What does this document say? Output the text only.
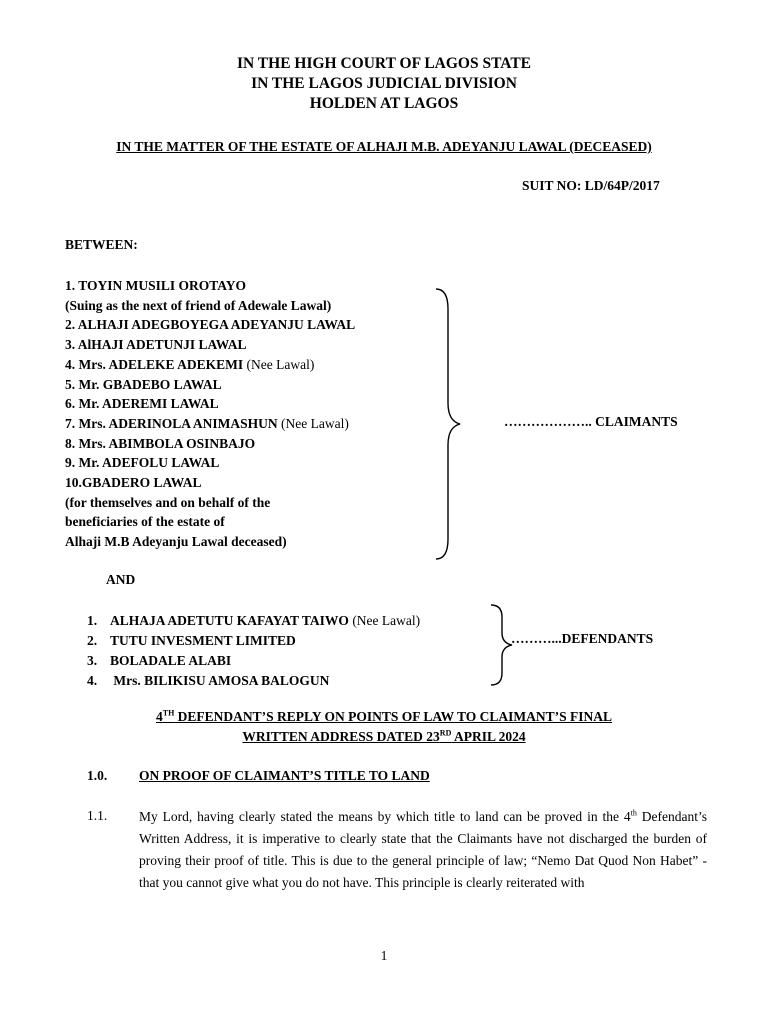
IN THE HIGH COURT OF LAGOS STATE
IN THE LAGOS JUDICIAL DIVISION
HOLDEN AT LAGOS
IN THE MATTER OF THE ESTATE OF ALHAJI M.B. ADEYANJU LAWAL (DECEASED)
SUIT NO: LD/64P/2017
BETWEEN:
1. TOYIN MUSILI OROTAYO
(Suing as the next of friend of Adewale Lawal)
2. ALHAJI ADEGBOYEGA ADEYANJU LAWAL
3. AlHAJI ADETUNJI LAWAL
4. Mrs. ADELEKE ADEKEMI (Nee Lawal)
5. Mr. GBADEBO LAWAL
6. Mr. ADEREMI LAWAL
7. Mrs. ADERINOLA ANIMASHUN (Nee Lawal)
8. Mrs. ABIMBOLA OSINBAJO
9. Mr. ADEFOLU LAWAL
10.GBADERO LAWAL
(for themselves and on behalf of the
beneficiaries of the estate of
Alhaji M.B Adeyanju Lawal deceased)
……………….. CLAIMANTS
AND
1. ALHAJA ADETUTU KAFAYAT TAIWO (Nee Lawal)
2. TUTU INVESMENT LIMITED
3. BOLADALE ALABI
4. Mrs. BILIKISU AMOSA BALOGUN
………...DEFENDANTS
4TH DEFENDANT’S REPLY ON POINTS OF LAW TO CLAIMANT’S FINAL
WRITTEN ADDRESS DATED 23RD APRIL 2024
1.0. ON PROOF OF CLAIMANT’S TITLE TO LAND
1.1. My Lord, having clearly stated the means by which title to land can be proved in the 4th Defendant’s Written Address, it is imperative to clearly state that the Claimants have not discharged the burden of proving their proof of title. This is due to the general principle of law; “Nemo Dat Quod Non Habet” - that you cannot give what you do not have. This principle is clearly reiterated with
1
